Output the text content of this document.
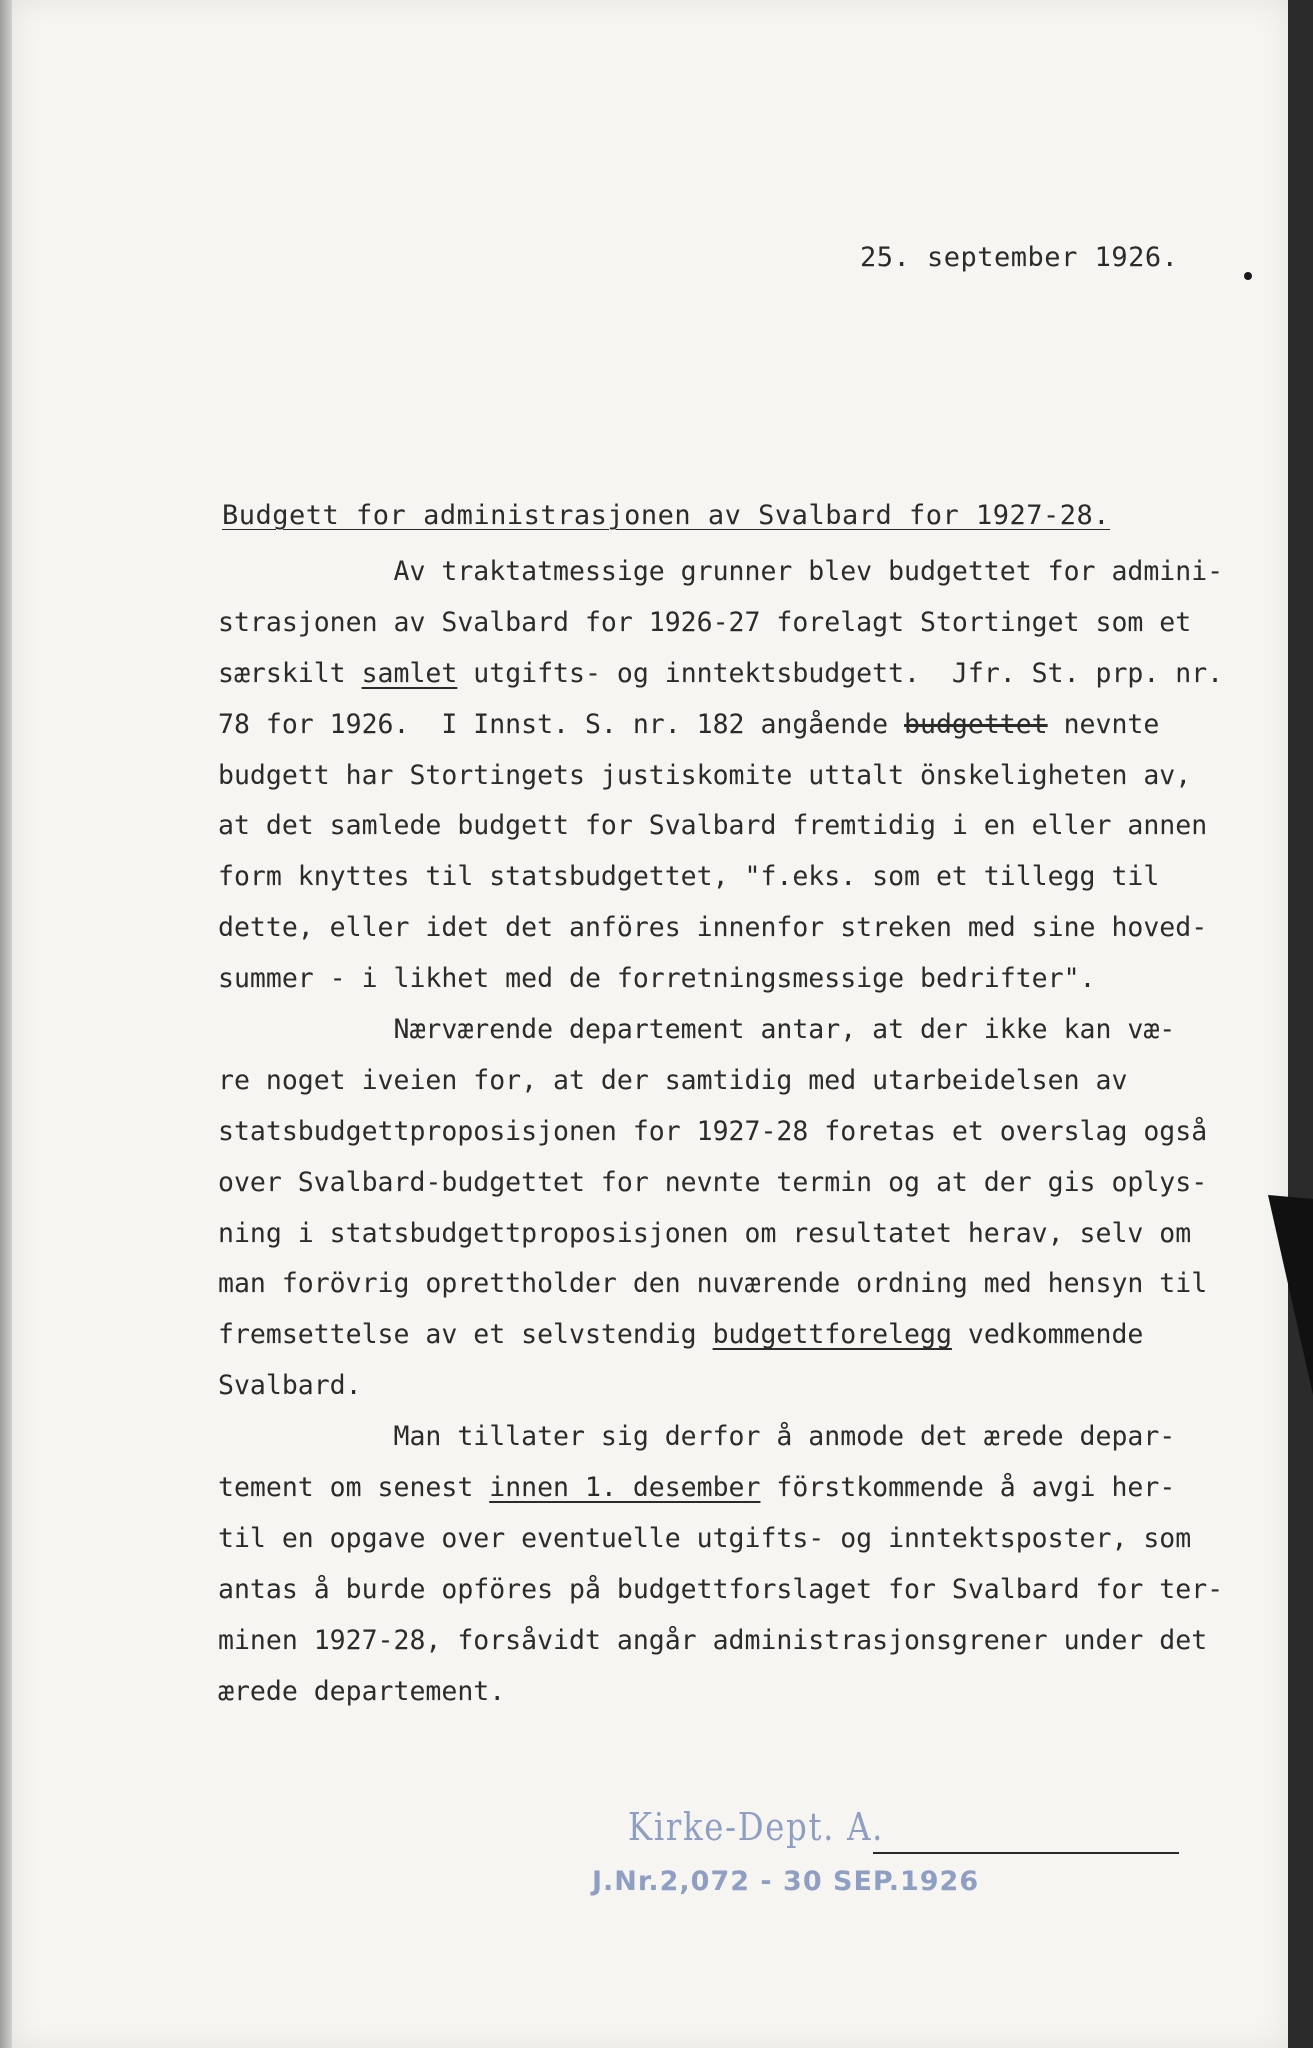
25. september 1926.
Budgett for administrasjonen av Svalbard for 1927-28.
Av traktatmessige grunner blev budgettet for admini-
strasjonen av Svalbard for 1926-27 forelagt Stortinget som et
særskilt samlet utgifts- og inntektsbudgett.  Jfr. St. prp. nr.
78 for 1926.  I Innst. S. nr. 182 angående budgettet nevnte
budgett har Stortingets justiskomite uttalt önskeligheten av,
at det samlede budgett for Svalbard fremtidig i en eller annen
form knyttes til statsbudgettet, "f.eks. som et tillegg til
dette, eller idet det anföres innenfor streken med sine hoved-
summer - i likhet med de forretningsmessige bedrifter".
Nærværende departement antar, at der ikke kan væ-
re noget iveien for, at der samtidig med utarbeidelsen av
statsbudgettproposisjonen for 1927-28 foretas et overslag også
over Svalbard-budgettet for nevnte termin og at der gis oplys-
ning i statsbudgettproposisjonen om resultatet herav, selv om
man forövrig oprettholder den nuværende ordning med hensyn til
fremsettelse av et selvstendig budgettforelegg vedkommende
Svalbard.
Man tillater sig derfor å anmode det ærede depar-
tement om senest innen 1. desember förstkommende å avgi her-
til en opgave over eventuelle utgifts- og inntektsposter, som
antas å burde opföres på budgettforslaget for Svalbard for ter-
minen 1927-28, forsåvidt angår administrasjonsgrener under det
ærede departement.
Kirke-Dept. A.
J.Nr.2,072 - 30 SEP.1926
